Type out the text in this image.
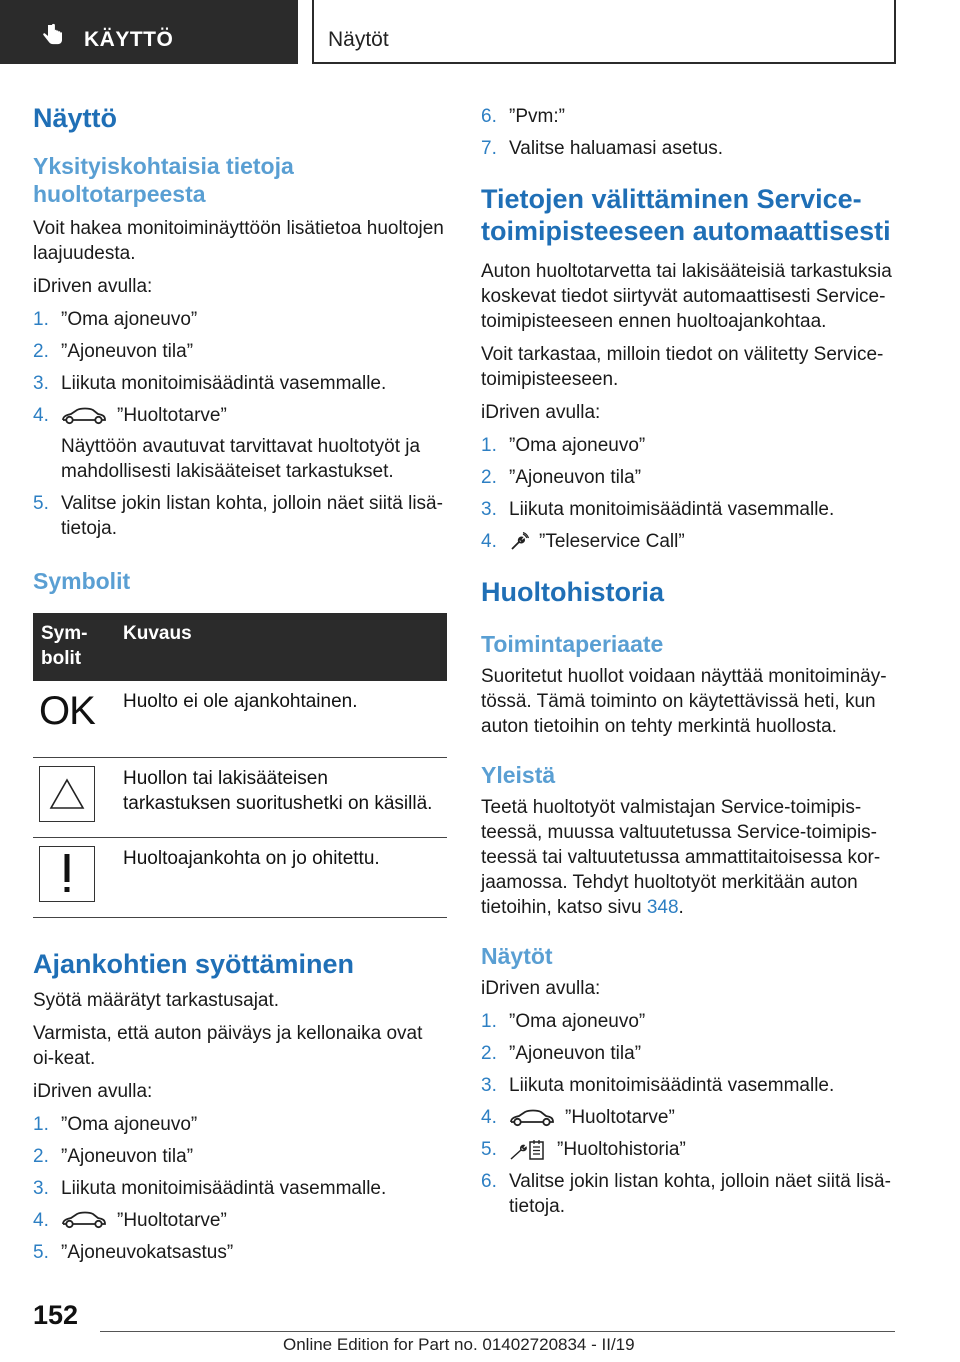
KÄYTTÖ	Näytöt
Näyttö
Yksityiskohtaisia tietoja huoltotarpeesta

Voit hakea monitoiminäyttöön lisätietoa huoltojen laajuudesta.

iDriven avulla:

1. ”Oma ajoneuvo”
2. ”Ajoneuvon tila”
3. Liikuta monitoimisäädintä vasemmalle.
4.	”Huoltotarve”
Näyttöön avautuvat tarvittavat huoltotyöt ja mahdollisesti lakisääteiset tarkastukset.
5. Valitse jokin listan kohta, jolloin näet siitä lisä-tietoja.
Symbolit
Sym-bolit	Kuvaus
OK	Huolto ei ole ajankohtainen.
	Huollon tai lakisääteisen tarkastuksen suoritushetki on käsillä.
	Huoltoajankohta on jo ohitettu.
Ajankohtien syöttäminen

Syötä määrätyt tarkastusajat.

Varmista, että auton päiväys ja kellonaika ovat oi-keat.

iDriven avulla:

1. ”Oma ajoneuvo”
2. ”Ajoneuvon tila”
3. Liikuta monitoimisäädintä vasemmalle.
4.	”Huoltotarve”
5. ”Ajoneuvokatsastus”
6. ”Pvm:”
7. Valitse haluamasi asetus.
Tietojen välittäminen Service-toimipisteeseen automaattisesti

Auton huoltotarvetta tai lakisääteisiä tarkastuksia koskevat tiedot siirtyvät automaattisesti Service-toimipisteeseen ennen huoltoajankohtaa.

Voit tarkastaa, milloin tiedot on välitetty Service-toimipisteeseen.

iDriven avulla:

1. ”Oma ajoneuvo”
2. ”Ajoneuvon tila”
3. Liikuta monitoimisäädintä vasemmalle.
4. ”Teleservice Call”
Huoltohistoria
Toimintaperiaate

Suoritetut huollot voidaan näyttää monitoiminäy-tössä. Tämä toiminto on käytettävissä heti, kun auton tietoihin on tehty merkintä huollosta.

Yleistä

Teetä huoltotyöt valmistajan Service-toimipis-teessä, muussa valtuutetussa Service-toimipis-teessä tai valtuutetussa ammattitaitoisessa kor-jaamossa. Tehdyt huoltotyöt merkitään auton tietoihin, katso sivu 348.

Näytöt

iDriven avulla:

1. ”Oma ajoneuvo”
2. ”Ajoneuvon tila”
3. Liikuta monitoimisäädintä vasemmalle.
4.	”Huoltotarve”
5.	”Huoltohistoria”
6. Valitse jokin listan kohta, jolloin näet siitä lisä-tietoja.
152
Online Edition for Part no. 01402720834 - II/19
